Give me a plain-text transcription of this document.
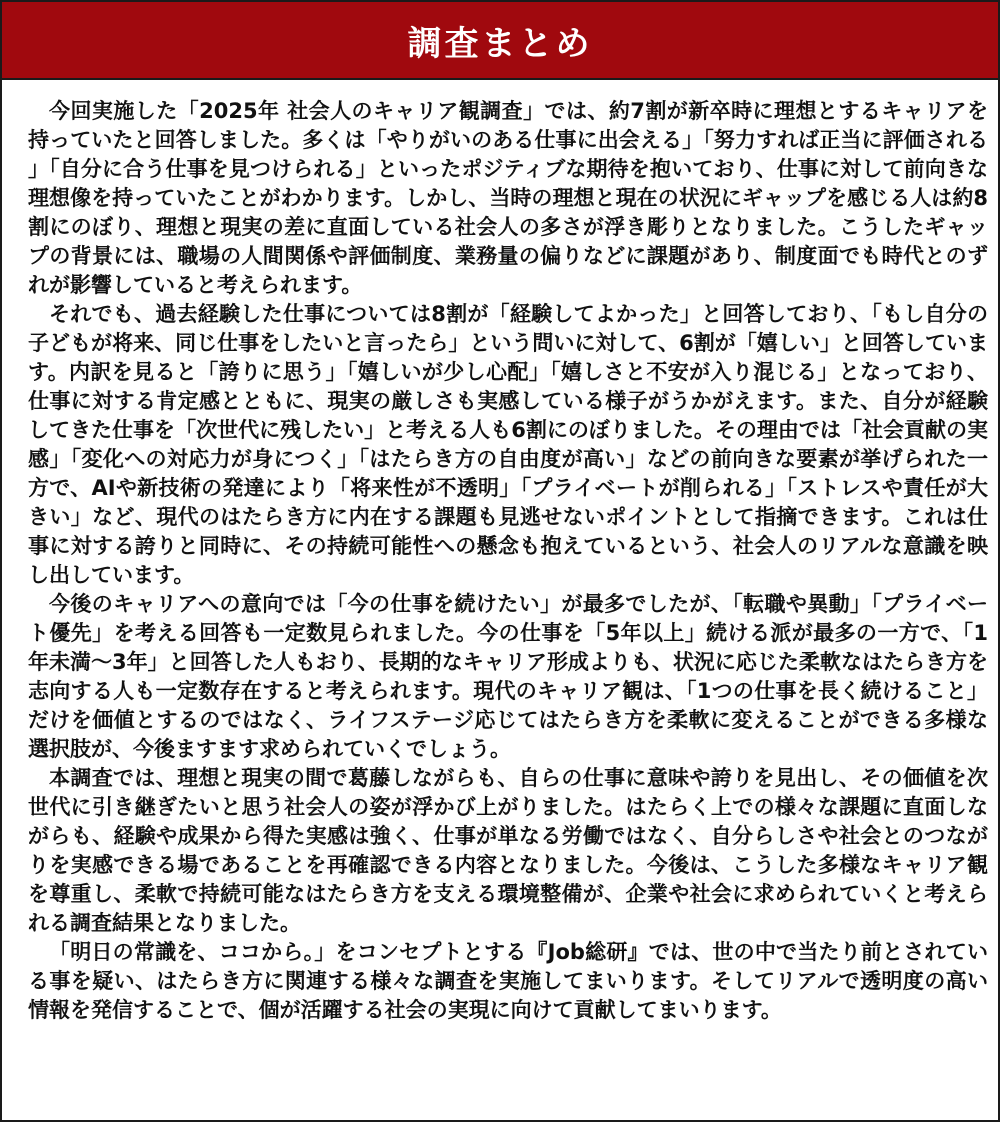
調査まとめ

今回実施した「2025年 社会人のキャリア観調査」では、約7割が新卒時に理想とするキャリアを持っていたと回答しました。多くは「やりがいのある仕事に出会える」「努力すれば正当に評価される」「自分に合う仕事を見つけられる」といったポジティブな期待を抱いており、仕事に対して前向きな理想像を持っていたことがわかります。しかし、当時の理想と現在の状況にギャップを感じる人は約8割にのぼり、理想と現実の差に直面している社会人の多さが浮き彫りとなりました。こうしたギャップの背景には、職場の人間関係や評価制度、業務量の偏りなどに課題があり、制度面でも時代とのずれが影響していると考えられます。

それでも、過去経験した仕事については8割が「経験してよかった」と回答しており、「もし自分の子どもが将来、同じ仕事をしたいと言ったら」という問いに対して、6割が「嬉しい」と回答しています。内訳を見ると「誇りに思う」「嬉しいが少し心配」「嬉しさと不安が入り混じる」となっており、仕事に対する肯定感とともに、現実の厳しさも実感している様子がうかがえます。また、自分が経験してきた仕事を「次世代に残したい」と考える人も6割にのぼりました。その理由では「社会貢献の実感」「変化への対応力が身につく」「はたらき方の自由度が高い」などの前向きな要素が挙げられた一方で、AIや新技術の発達により「将来性が不透明」「プライベートが削られる」「ストレスや責任が大きい」など、現代のはたらき方に内在する課題も見逃せないポイントとして指摘できます。これは仕事に対する誇りと同時に、その持続可能性への懸念も抱えているという、社会人のリアルな意識を映し出しています。

今後のキャリアへの意向では「今の仕事を続けたい」が最多でしたが、「転職や異動」「プライベート優先」を考える回答も一定数見られました。今の仕事を「5年以上」続ける派が最多の一方で、「1年未満～3年」と回答した人もおり、長期的なキャリア形成よりも、状況に応じた柔軟なはたらき方を志向する人も一定数存在すると考えられます。現代のキャリア観は、「1つの仕事を長く続けること」だけを価値とするのではなく、ライフステージ応じてはたらき方を柔軟に変えることができる多様な選択肢が、今後ますます求められていくでしょう。

本調査では、理想と現実の間で葛藤しながらも、自らの仕事に意味や誇りを見出し、その価値を次世代に引き継ぎたいと思う社会人の姿が浮かび上がりました。はたらく上での様々な課題に直面しながらも、経験や成果から得た実感は強く、仕事が単なる労働ではなく、自分らしさや社会とのつながりを実感できる場であることを再確認できる内容となりました。今後は、こうした多様なキャリア観を尊重し、柔軟で持続可能なはたらき方を支える環境整備が、企業や社会に求められていくと考えられる調査結果となりました。

「明日の常識を、ココから。」をコンセプトとする『Job総研』では、世の中で当たり前とされている事を疑い、はたらき方に関連する様々な調査を実施してまいります。そしてリアルで透明度の高い情報を発信することで、個が活躍する社会の実現に向けて貢献してまいります。
